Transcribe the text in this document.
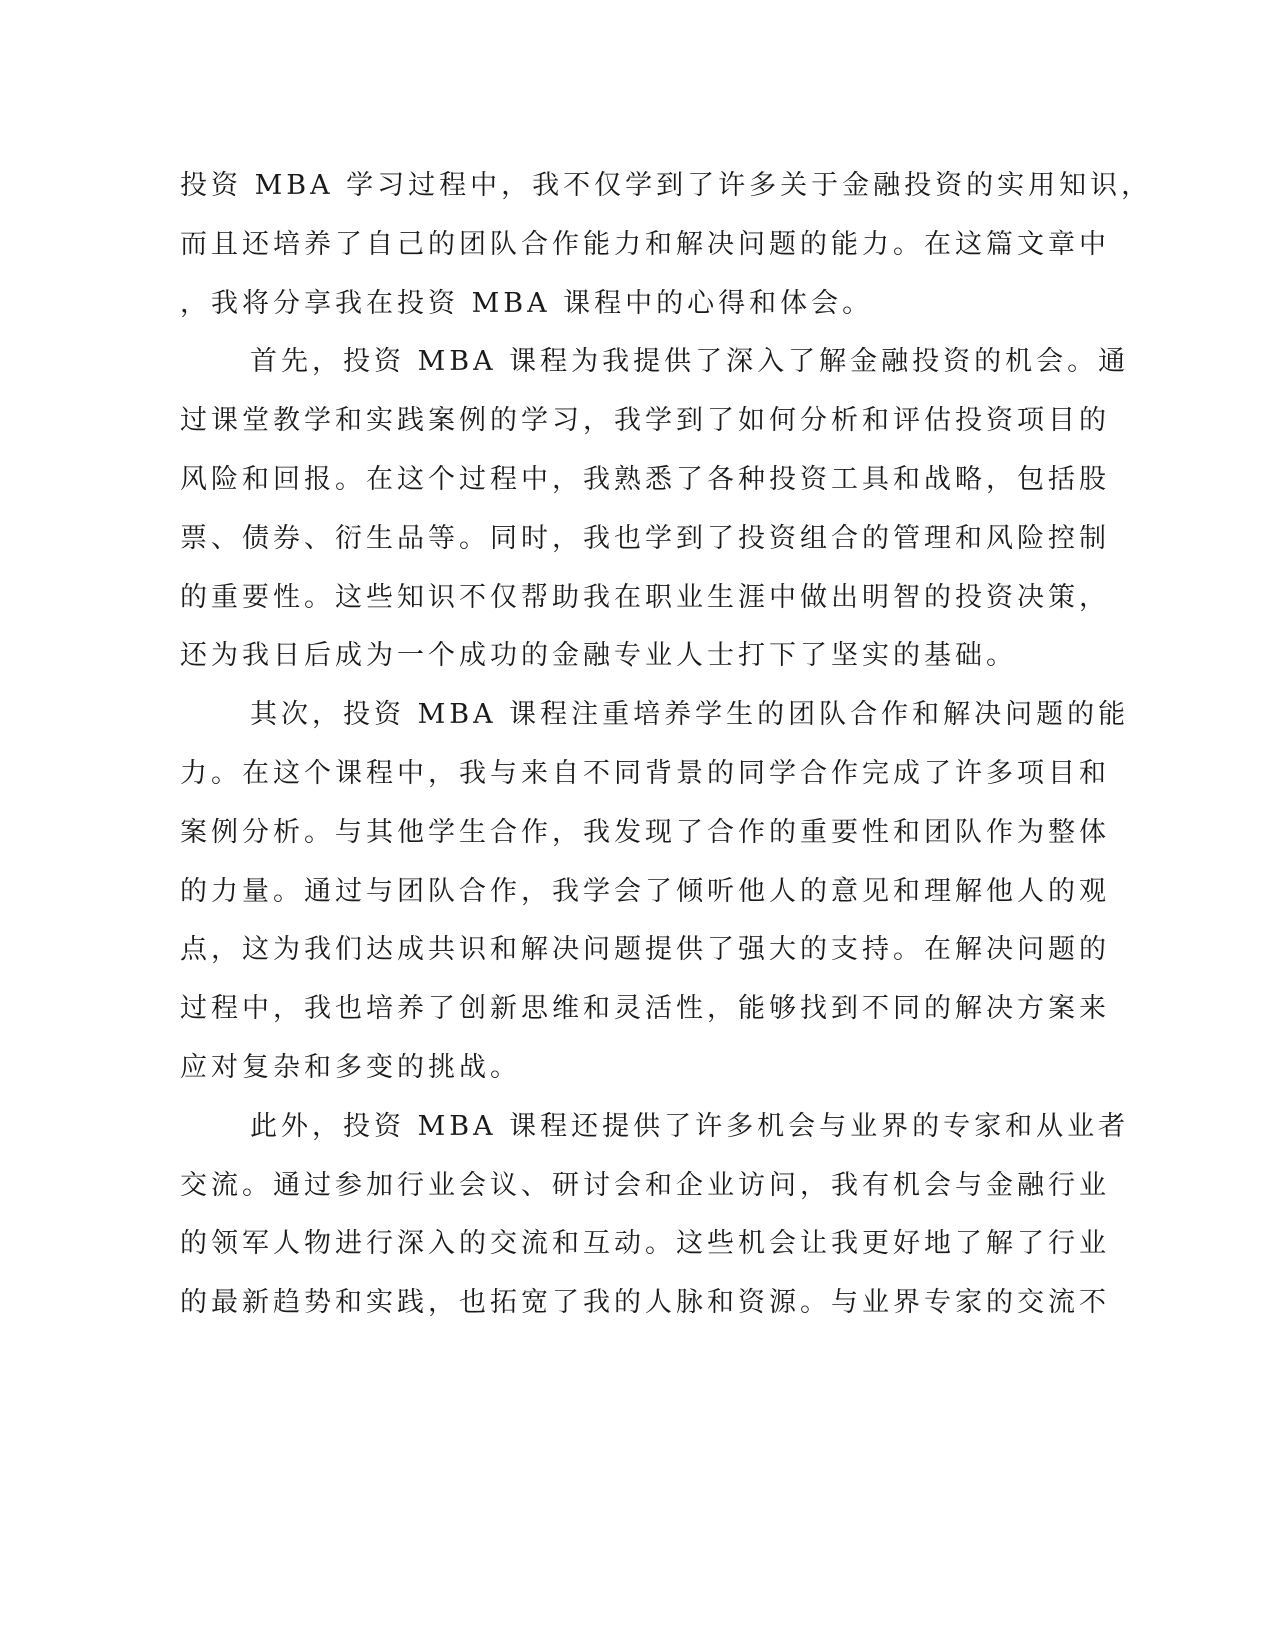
投资 MBA 学习过程中，我不仅学到了许多关于金融投资的实用知识，
而且还培养了自己的团队合作能力和解决问题的能力。在这篇文章中
，我将分享我在投资 MBA 课程中的心得和体会。
首先，投资 MBA 课程为我提供了深入了解金融投资的机会。通
过课堂教学和实践案例的学习，我学到了如何分析和评估投资项目的
风险和回报。在这个过程中，我熟悉了各种投资工具和战略，包括股
票、债券、衍生品等。同时，我也学到了投资组合的管理和风险控制
的重要性。这些知识不仅帮助我在职业生涯中做出明智的投资决策，
还为我日后成为一个成功的金融专业人士打下了坚实的基础。
其次，投资 MBA 课程注重培养学生的团队合作和解决问题的能
力。在这个课程中，我与来自不同背景的同学合作完成了许多项目和
案例分析。与其他学生合作，我发现了合作的重要性和团队作为整体
的力量。通过与团队合作，我学会了倾听他人的意见和理解他人的观
点，这为我们达成共识和解决问题提供了强大的支持。在解决问题的
过程中，我也培养了创新思维和灵活性，能够找到不同的解决方案来
应对复杂和多变的挑战。
此外，投资 MBA 课程还提供了许多机会与业界的专家和从业者
交流。通过参加行业会议、研讨会和企业访问，我有机会与金融行业
的领军人物进行深入的交流和互动。这些机会让我更好地了解了行业
的最新趋势和实践，也拓宽了我的人脉和资源。与业界专家的交流不
